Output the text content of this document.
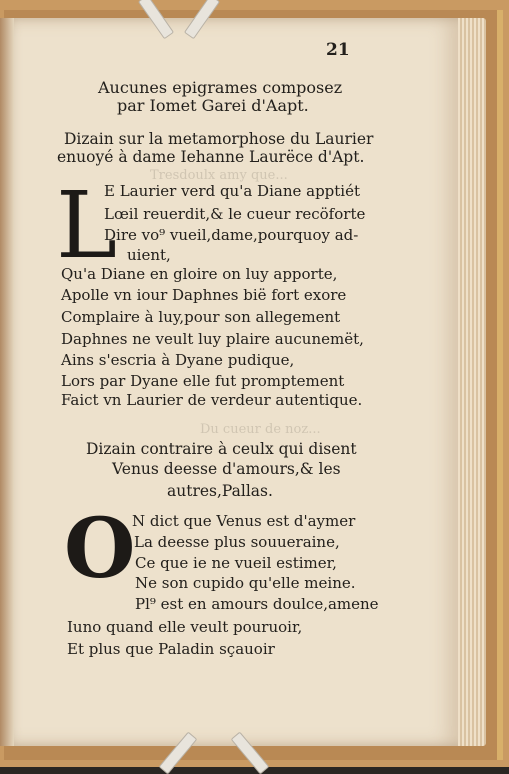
Tresdoulx amy que...
Du cueur de noz...
21
Aucunes epigrames composez
par Iomet Garei d'Aapt.
Dizain sur la metamorphose du Laurier
enuoyé à dame Iehanne Laurëce d'Apt.
L
E Laurier verd qu'a Diane apptiét
Lœil reuerdit,& le cueur recöforte
Dire vo⁹ vueil,dame,pourquoy ad-
uient,
Qu'a Diane en gloire on luy apporte,
Apolle vn iour Daphnes bië fort exore
Complaire à luy,pour son allegement
Daphnes ne veult luy plaire aucunemët,
Ains s'escria à Dyane pudique,
Lors par Dyane elle fut promptement
Faict vn Laurier de verdeur autentique.
Dizain contraire à ceulx qui disent
Venus deesse d'amours,& les
autres,Pallas.
O
N dict que Venus est d'aymer
La deesse plus souueraine,
Ce que ie ne vueil estimer,
Ne son cupido qu'elle meine.
Pl⁹ est en amours doulce,amene
Iuno quand elle veult pouruoir,
Et plus que Paladin sçauoir
